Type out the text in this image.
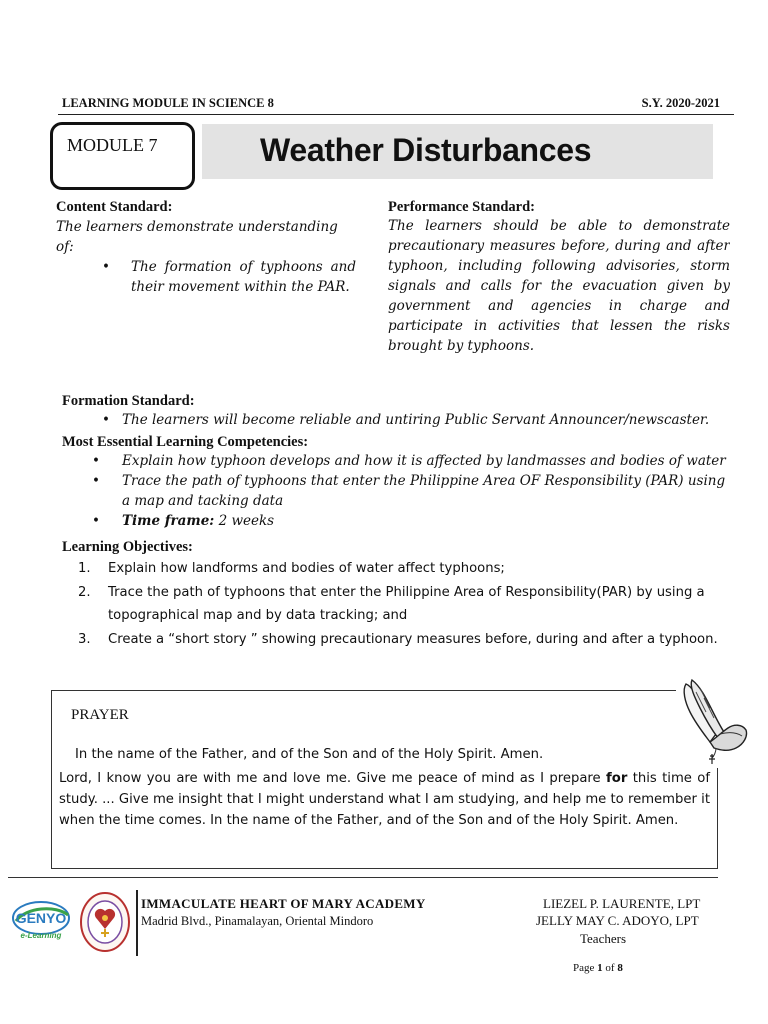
LEARNING MODULE IN SCIENCE 8	S.Y. 2020-2021
MODULE 7	Weather Disturbances
Content Standard:
The learners demonstrate understanding of:
• The formation of typhoons and their movement within the PAR.
Performance Standard:

The learners should be able to demonstrate precautionary measures before, during and after typhoon, including following advisories, storm signals and calls for the evacuation given by government and agencies in charge and participate in activities that lessen the risks brought by typhoons.

Formation Standard:
• The learners will become reliable and untiring Public Servant Announcer/newscaster.
Most Essential Learning Competencies:
• Explain how typhoon develops and how it is affected by landmasses and bodies of water
• Trace the path of typhoons that enter the Philippine Area OF Responsibility (PAR) using a map and tacking data
• Time frame: 2 weeks
Learning Objectives:
1. Explain how landforms and bodies of water affect typhoons;
2. Trace the path of typhoons that enter the Philippine Area of Responsibility(PAR) by using a topographical map and by data tracking; and
3. Create a “short story ” showing precautionary measures before, during and after a typhoon.
PRAYER
In the name of the Father, and of the Son and of the Holy Spirit. Amen.
Lord, I know you are with me and love me. Give me peace of mind as I prepare for this time of study. ... Give me insight that I might understand what I am studying, and help me to remember it when the time comes. In the name of the Father, and of the Son and of the Holy Spirit. Amen.
GENYO
e-Learning
IMMACULATE HEART OF MARY ACADEMY
Madrid Blvd., Pinamalayan, Oriental Mindoro
LIEZEL P. LAURENTE, LPT
JELLY MAY C. ADOYO, LPT
Teachers
Page 1 of 8
